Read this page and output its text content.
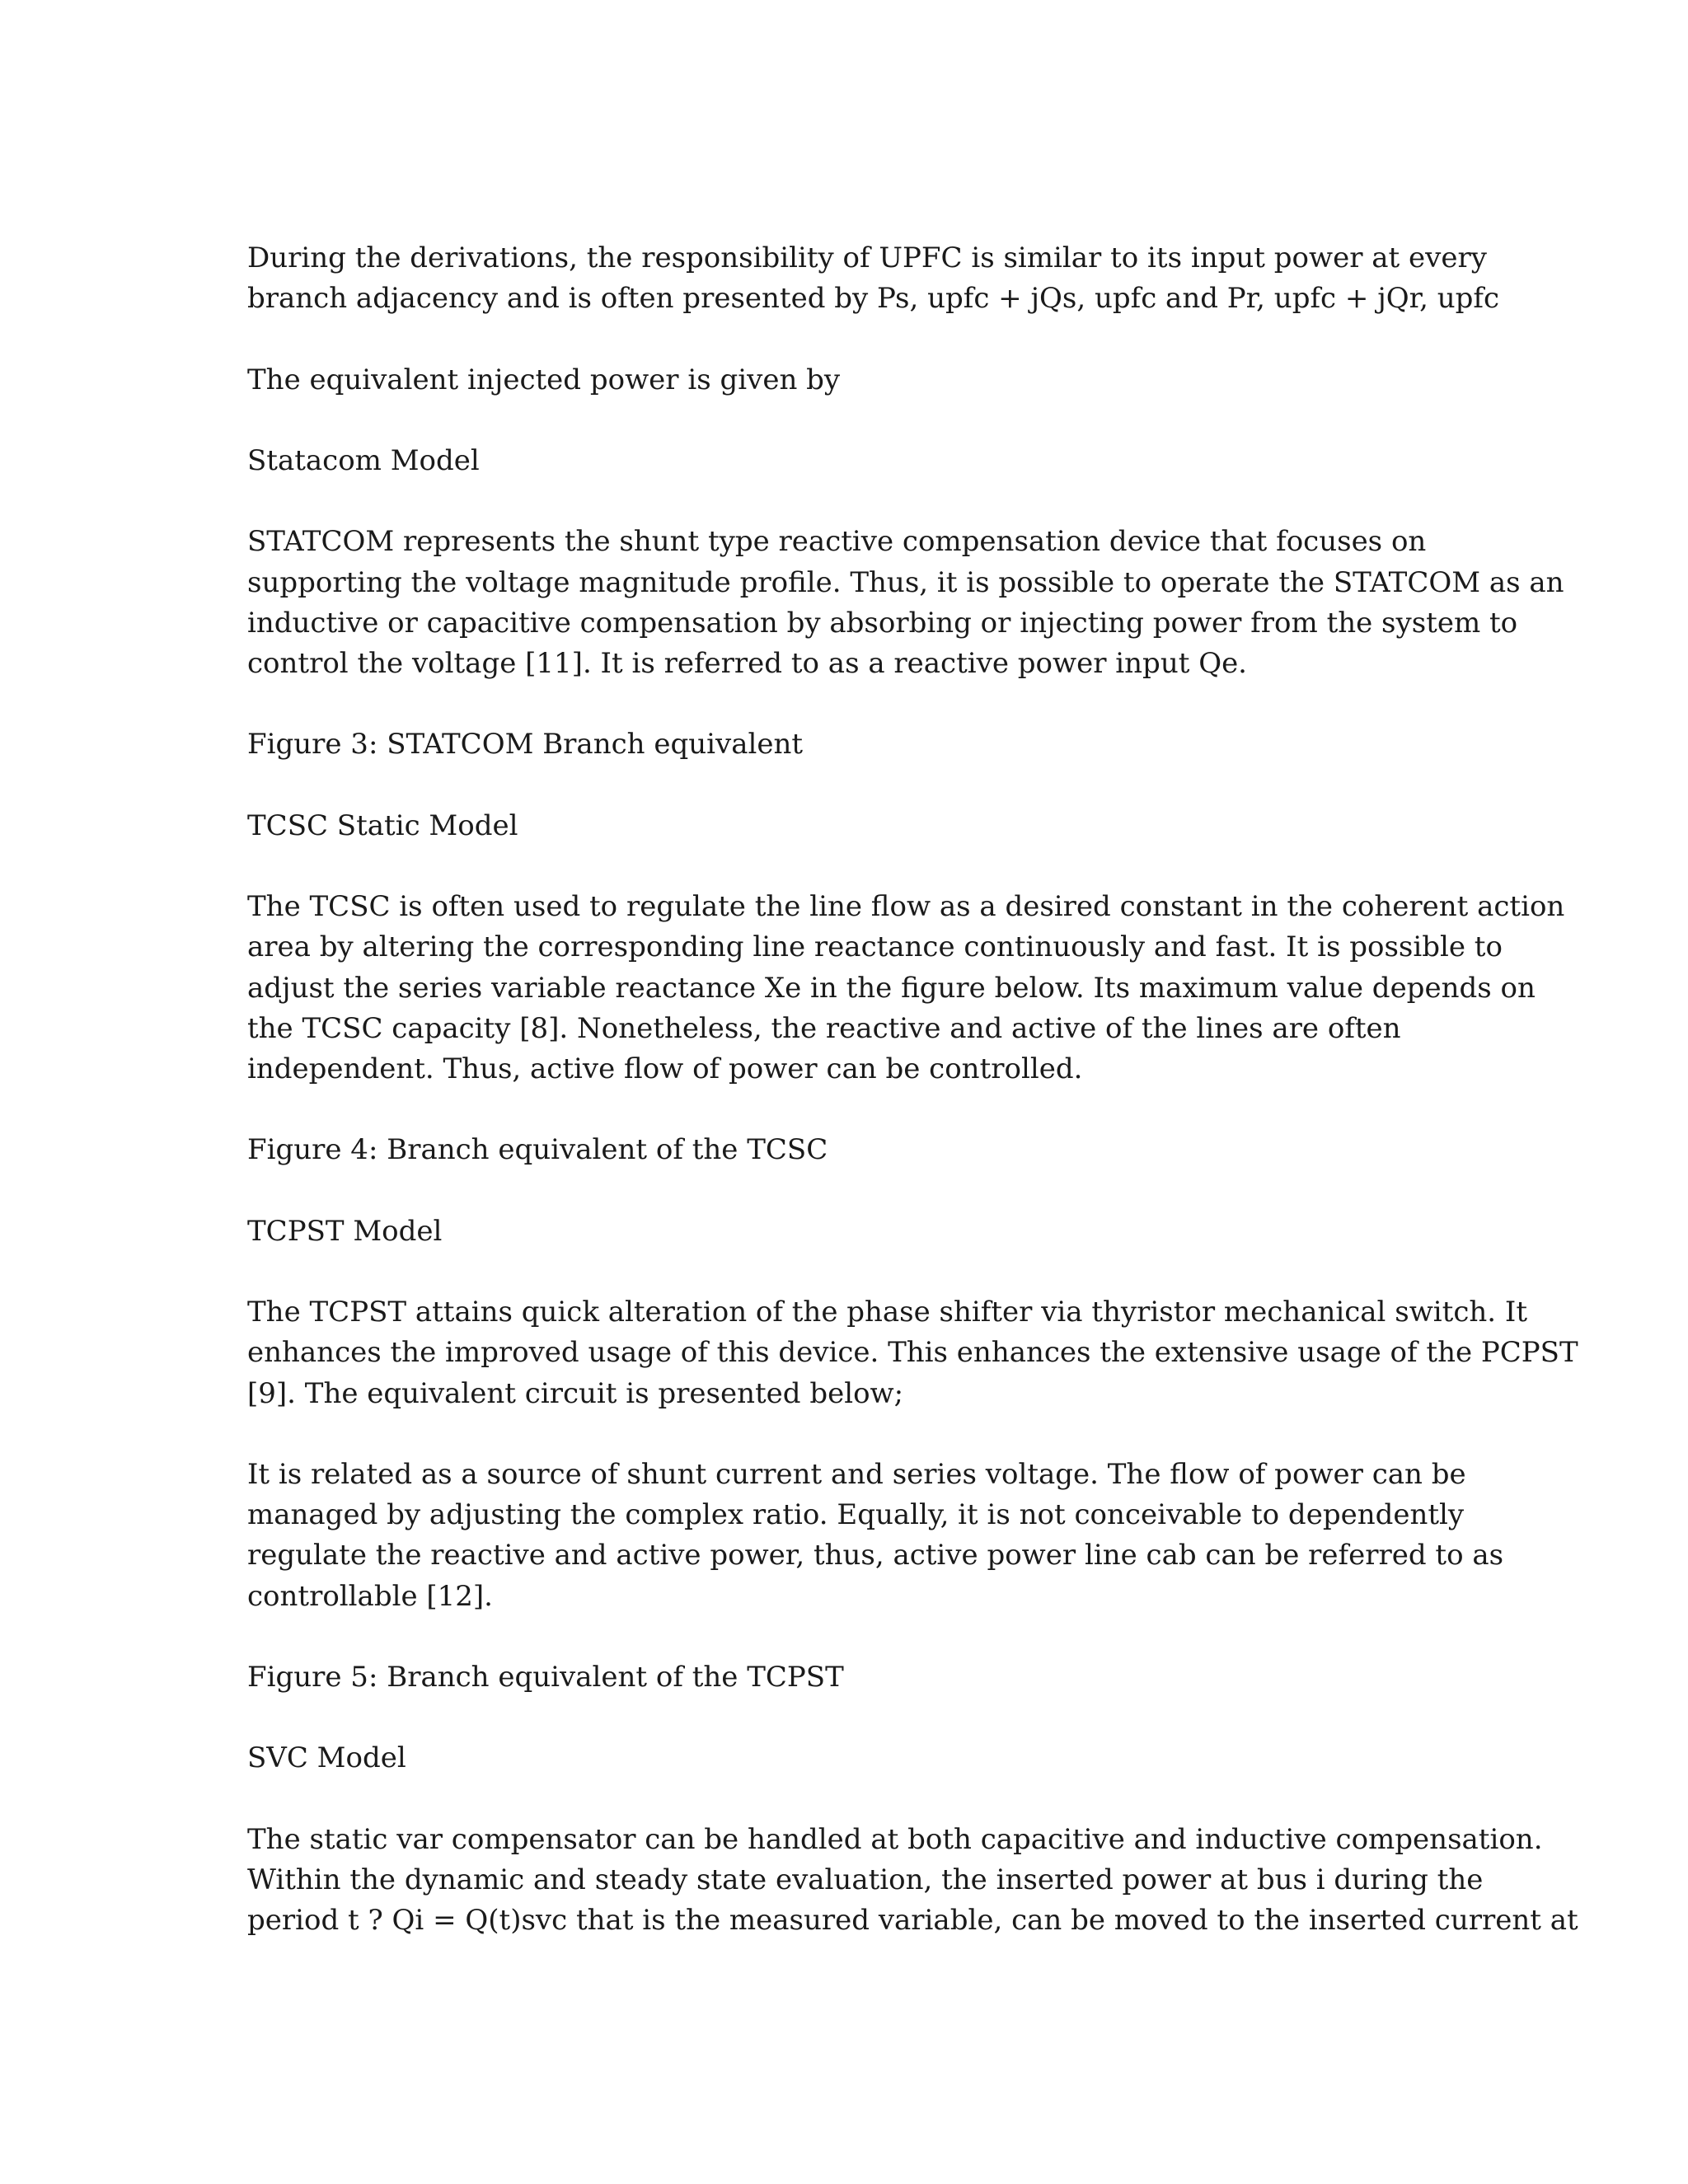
During the derivations, the responsibility of UPFC is similar to its input power at every
branch adjacency and is often presented by Ps, upfc + jQs, upfc and Pr, upfc + jQr, upfc

The equivalent injected power is given by

Statacom Model

STATCOM represents the shunt type reactive compensation device that focuses on
supporting the voltage magnitude profile. Thus, it is possible to operate the STATCOM as an
inductive or capacitive compensation by absorbing or injecting power from the system to
control the voltage [11]. It is referred to as a reactive power input Qe.

Figure 3: STATCOM Branch equivalent

TCSC Static Model

The TCSC is often used to regulate the line flow as a desired constant in the coherent action
area by altering the corresponding line reactance continuously and fast. It is possible to
adjust the series variable reactance Xe in the figure below. Its maximum value depends on
the TCSC capacity [8]. Nonetheless, the reactive and active of the lines are often
independent. Thus, active flow of power can be controlled.

Figure 4: Branch equivalent of the TCSC

TCPST Model

The TCPST attains quick alteration of the phase shifter via thyristor mechanical switch. It
enhances the improved usage of this device. This enhances the extensive usage of the PCPST
[9]. The equivalent circuit is presented below;

It is related as a source of shunt current and series voltage. The flow of power can be
managed by adjusting the complex ratio. Equally, it is not conceivable to dependently
regulate the reactive and active power, thus, active power line cab can be referred to as
controllable [12].

Figure 5: Branch equivalent of the TCPST

SVC Model

The static var compensator can be handled at both capacitive and inductive compensation.
Within the dynamic and steady state evaluation, the inserted power at bus i during the
period t ? Qi = Q(t)svc that is the measured variable, can be moved to the inserted current at
